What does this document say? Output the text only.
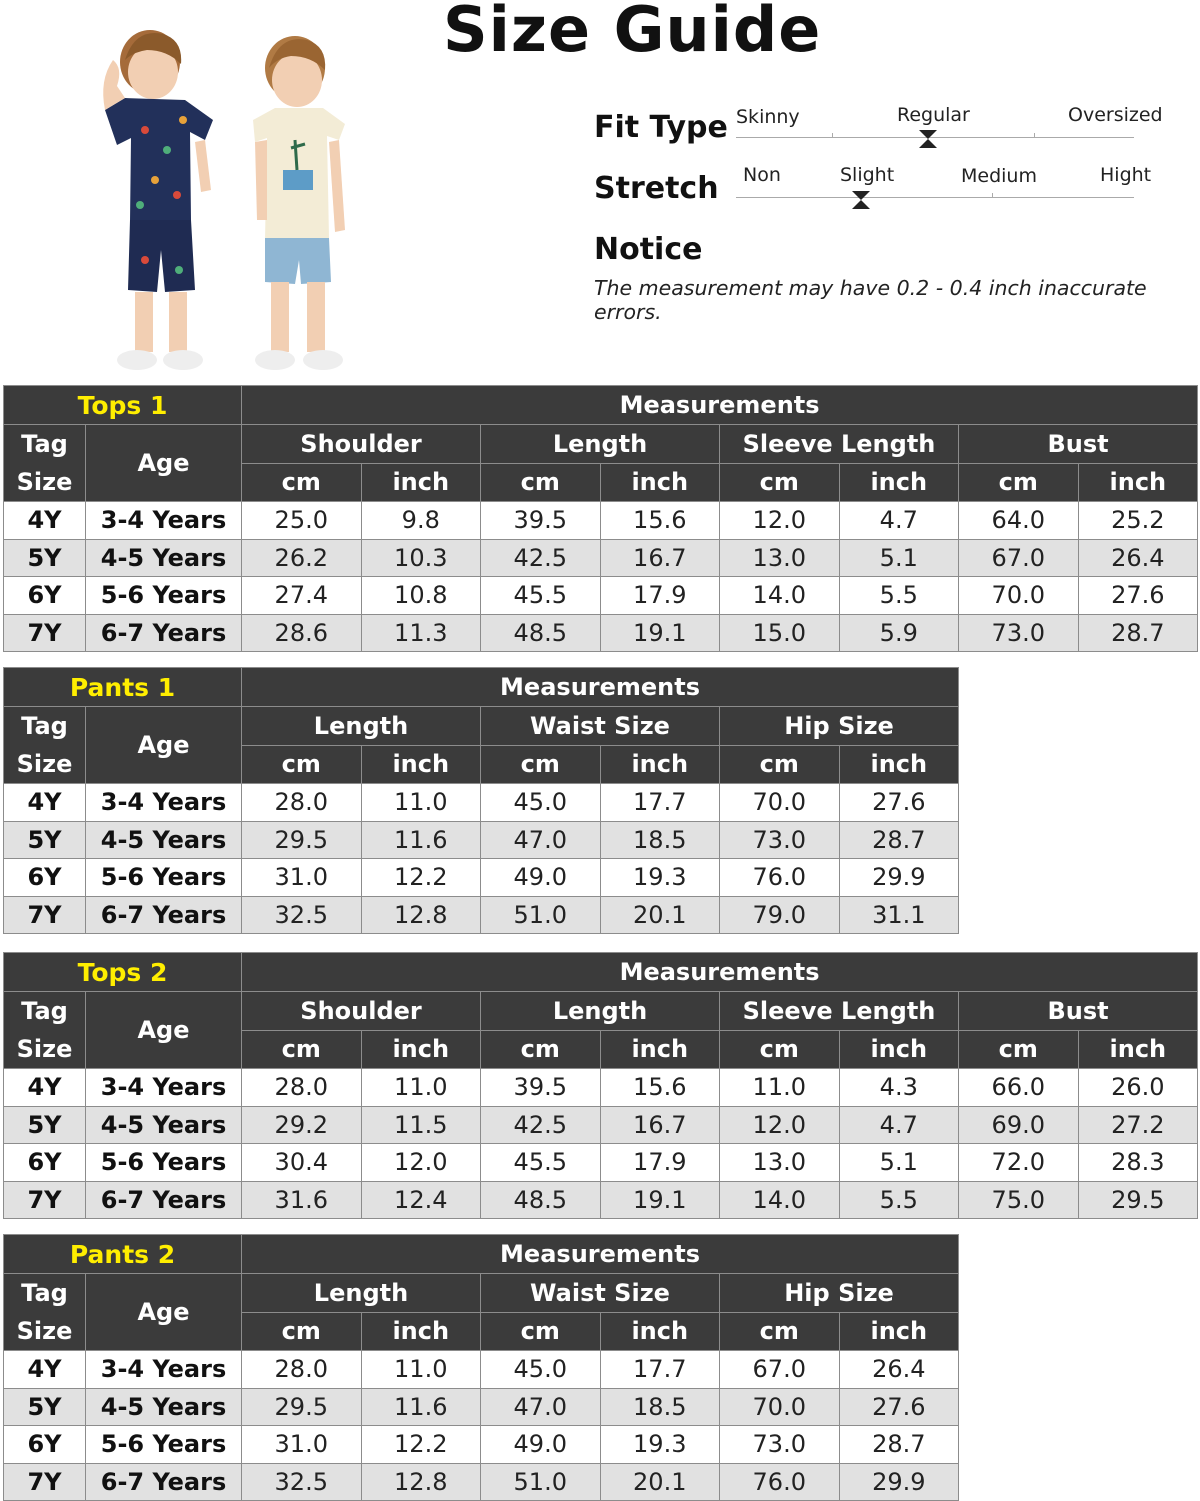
Size Guide
Fit Type Skinny	Regular	Oversized
Stretch Non	Slight	Medium	Hight
Notice
The measurement may have 0.2 - 0.4 inch inaccurate errors.
Tops 1		Measurements							
Tag
Size	Age	Shoulder		Length		Sleeve Length		Bust	
		cm	inch	cm	inch	cm	inch	cm	inch
4Y	3-4 Years	25.0	9.8	39.5	15.6	12.0	4.7	64.0	25.2
5Y	4-5 Years	26.2	10.3	42.5	16.7	13.0	5.1	67.0	26.4
6Y	5-6 Years	27.4	10.8	45.5	17.9	14.0	5.5	70.0	27.6
7Y	6-7 Years	28.6	11.3	48.5	19.1	15.0	5.9	73.0	28.7
Pants 1		Measurements					
Tag
Size	Age	Length		Waist Size		Hip Size	
		cm	inch	cm	inch	cm	inch
4Y	3-4 Years	28.0	11.0	45.0	17.7	70.0	27.6
5Y	4-5 Years	29.5	11.6	47.0	18.5	73.0	28.7
6Y	5-6 Years	31.0	12.2	49.0	19.3	76.0	29.9
7Y	6-7 Years	32.5	12.8	51.0	20.1	79.0	31.1
Tops 2		Measurements							
Tag
Size	Age	Shoulder		Length		Sleeve Length		Bust	
		cm	inch	cm	inch	cm	inch	cm	inch
4Y	3-4 Years	28.0	11.0	39.5	15.6	11.0	4.3	66.0	26.0
5Y	4-5 Years	29.2	11.5	42.5	16.7	12.0	4.7	69.0	27.2
6Y	5-6 Years	30.4	12.0	45.5	17.9	13.0	5.1	72.0	28.3
7Y	6-7 Years	31.6	12.4	48.5	19.1	14.0	5.5	75.0	29.5
Pants 2		Measurements					
Tag
Size	Age	Length		Waist Size		Hip Size	
		cm	inch	cm	inch	cm	inch
4Y	3-4 Years	28.0	11.0	45.0	17.7	67.0	26.4
5Y	4-5 Years	29.5	11.6	47.0	18.5	70.0	27.6
6Y	5-6 Years	31.0	12.2	49.0	19.3	73.0	28.7
7Y	6-7 Years	32.5	12.8	51.0	20.1	76.0	29.9
